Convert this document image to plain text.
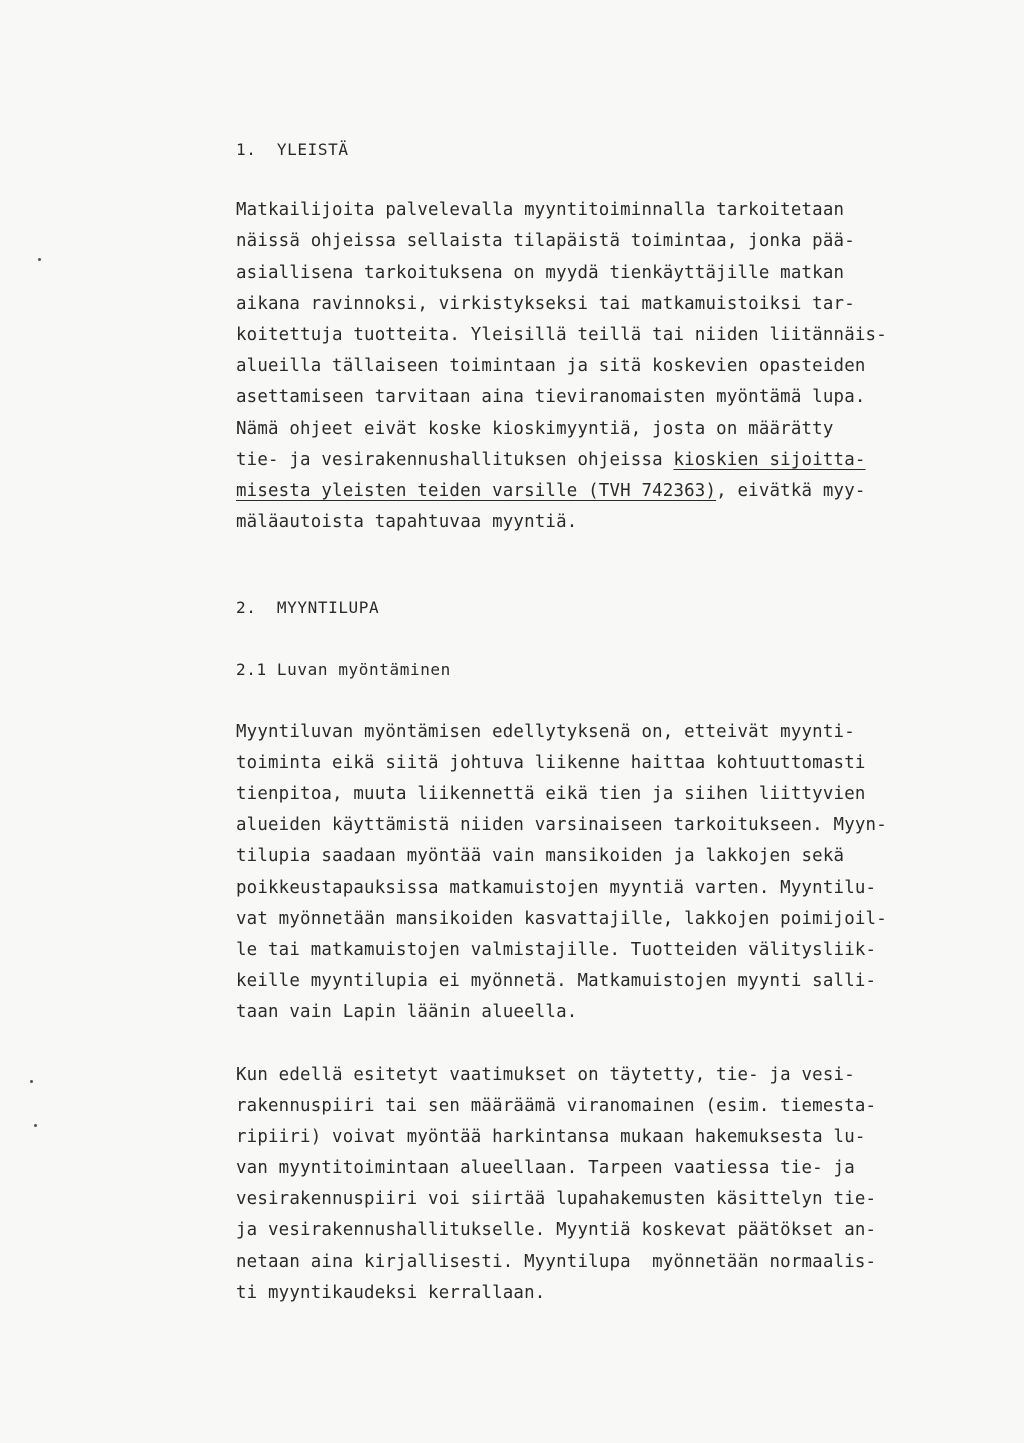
1.  YLEISTÄ
Matkailijoita palvelevalla myyntitoiminnalla tarkoitetaan
näissä ohjeissa sellaista tilapäistä toimintaa, jonka pää-
asiallisena tarkoituksena on myydä tienkäyttäjille matkan
aikana ravinnoksi, virkistykseksi tai matkamuistoiksi tar-
koitettuja tuotteita. Yleisillä teillä tai niiden liitännäis-
alueilla tällaiseen toimintaan ja sitä koskevien opasteiden
asettamiseen tarvitaan aina tieviranomaisten myöntämä lupa.
Nämä ohjeet eivät koske kioskimyyntiä, josta on määrätty
tie- ja vesirakennushallituksen ohjeissa kioskien sijoitta-
misesta yleisten teiden varsille (TVH 742363), eivätkä myy-
mäläautoista tapahtuvaa myyntiä.
2.  MYYNTILUPA
2.1 Luvan myöntäminen
Myyntiluvan myöntämisen edellytyksenä on, etteivät myynti-
toiminta eikä siitä johtuva liikenne haittaa kohtuuttomasti
tienpitoa, muuta liikennettä eikä tien ja siihen liittyvien
alueiden käyttämistä niiden varsinaiseen tarkoitukseen. Myyn-
tilupia saadaan myöntää vain mansikoiden ja lakkojen sekä
poikkeustapauksissa matkamuistojen myyntiä varten. Myyntilu-
vat myönnetään mansikoiden kasvattajille, lakkojen poimijoil-
le tai matkamuistojen valmistajille. Tuotteiden välitysliik-
keille myyntilupia ei myönnetä. Matkamuistojen myynti salli-
taan vain Lapin läänin alueella.
Kun edellä esitetyt vaatimukset on täytetty, tie- ja vesi-
rakennuspiiri tai sen määräämä viranomainen (esim. tiemesta-
ripiiri) voivat myöntää harkintansa mukaan hakemuksesta lu-
van myyntitoimintaan alueellaan. Tarpeen vaatiessa tie- ja
vesirakennuspiiri voi siirtää lupahakemusten käsittelyn tie-
ja vesirakennushallitukselle. Myyntiä koskevat päätökset an-
netaan aina kirjallisesti. Myyntilupa  myönnetään normaalis-
ti myyntikaudeksi kerrallaan.
